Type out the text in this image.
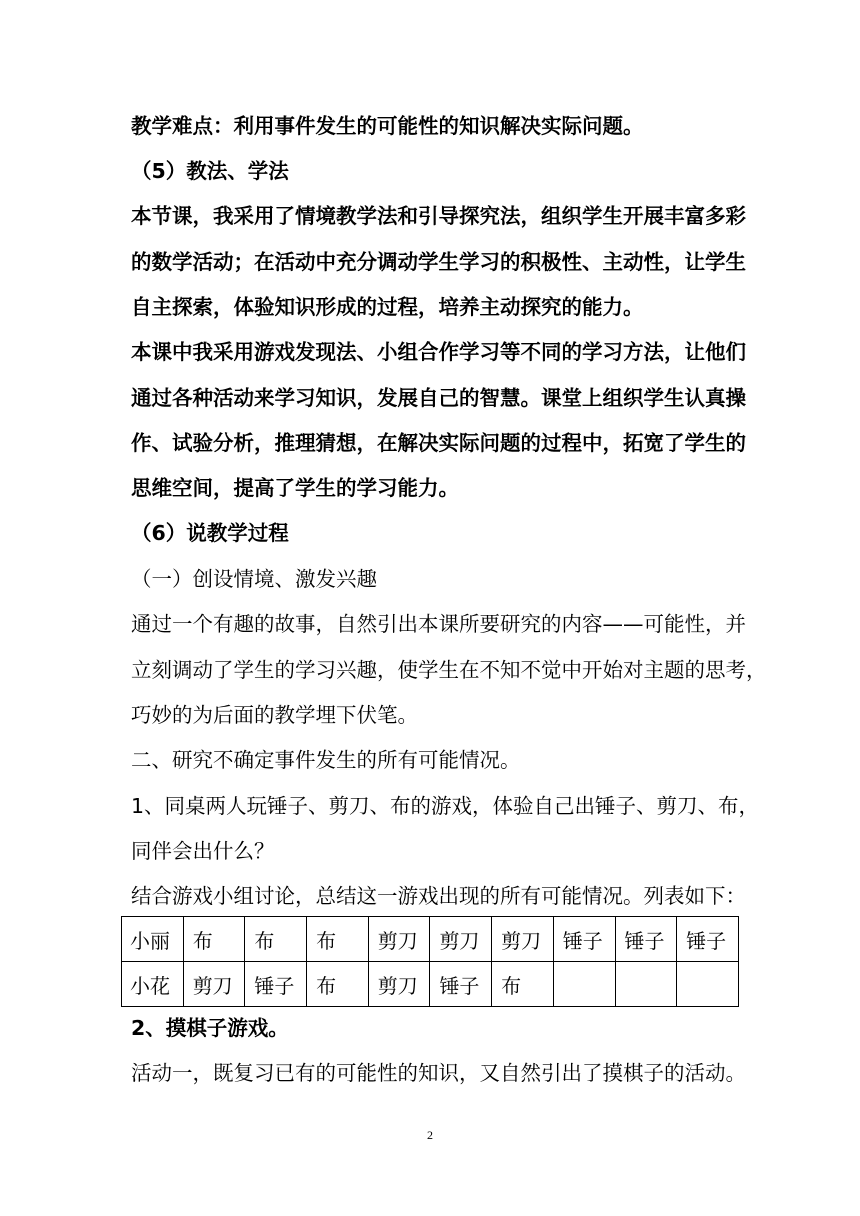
教学难点：利用事件发生的可能性的知识解决实际问题。
（5）教法、学法
本节课，我采用了情境教学法和引导探究法，组织学生开展丰富多彩
的数学活动；在活动中充分调动学生学习的积极性、主动性，让学生
自主探索，体验知识形成的过程，培养主动探究的能力。
本课中我采用游戏发现法、小组合作学习等不同的学习方法，让他们
通过各种活动来学习知识，发展自己的智慧。课堂上组织学生认真操
作、试验分析，推理猜想，在解决实际问题的过程中，拓宽了学生的
思维空间，提高了学生的学习能力。
（6）说教学过程
（一）创设情境、激发兴趣
通过一个有趣的故事，自然引出本课所要研究的内容——可能性，并
立刻调动了学生的学习兴趣，使学生在不知不觉中开始对主题的思考，
巧妙的为后面的教学埋下伏笔。
二、研究不确定事件发生的所有可能情况。
1、同桌两人玩锤子、剪刀、布的游戏，体验自己出锤子、剪刀、布，
同伴会出什么？
结合游戏小组讨论，总结这一游戏出现的所有可能情况。列表如下：
小丽	布	布	布	剪刀	剪刀	剪刀	锤子	锤子	锤子
小花	剪刀	锤子	布	剪刀	锤子	布			
2、摸棋子游戏。
活动一，既复习已有的可能性的知识，又自然引出了摸棋子的活动。
2
